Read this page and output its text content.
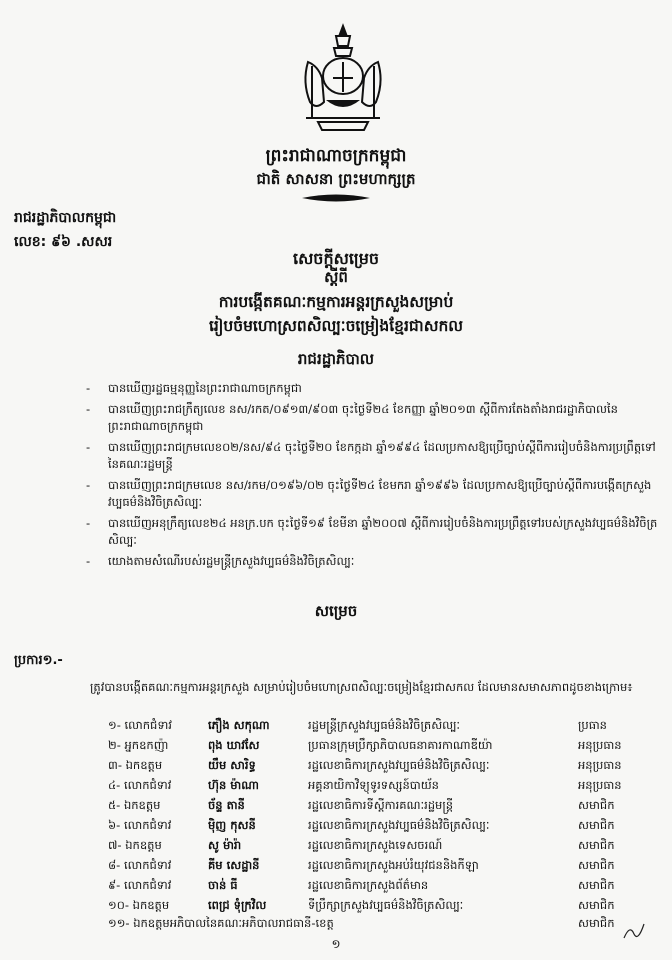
ព្រះរាជាណាចក្រកម្ពុជា
ជាតិ សាសនា ព្រះមហាក្សត្រ
រាជរដ្ឋាភិបាលកម្ពុជា
លេខ: ៩៦ .សសរ
សេចក្ដីសម្រេច
ស្ដីពី
ការបង្កើតគណៈកម្មការអន្តរក្រសួងសម្រាប់
រៀបចំមហោស្រពសិល្បៈចម្រៀងខ្មែរជាសកល
រាជរដ្ឋាភិបាល
- បានឃើញរដ្ឋធម្មនុញ្ញនៃព្រះរាជាណាចក្រកម្ពុជា
- បានឃើញព្រះរាជក្រឹត្យលេខ នស/រកត/០៩១៣/៩០៣ ចុះថ្ងៃទី២៤ ខែកញ្ញា ឆ្នាំ២០១៣ ស្ដីពីការតែងតាំងរាជរដ្ឋាភិបាលនៃព្រះរាជាណាចក្រកម្ពុជា
- បានឃើញព្រះរាជក្រមលេខ០២/នស/៩៤ ចុះថ្ងៃទី២០ ខែកក្កដា ឆ្នាំ១៩៩៤ ដែលប្រកាសឱ្យប្រើច្បាប់ស្ដីពីការរៀបចំនិងការប្រព្រឹត្តទៅនៃគណៈរដ្ឋមន្ត្រី
- បានឃើញព្រះរាជក្រមលេខ នស/រកម/០១៩៦/០២ ចុះថ្ងៃទី២៤ ខែមករា ឆ្នាំ១៩៩៦ ដែលប្រកាសឱ្យប្រើច្បាប់ស្ដីពីការបង្កើតក្រសួងវប្បធម៌និងវិចិត្រសិល្បៈ
- បានឃើញអនុក្រឹត្យលេខ២៤ អនក្រ.បក ចុះថ្ងៃទី១៩ ខែមីនា ឆ្នាំ២០០៧ ស្ដីពីការរៀបចំនិងការប្រព្រឹត្តទៅរបស់ក្រសួងវប្បធម៌និងវិចិត្រសិល្បៈ
- យោងតាមសំណើរបស់រដ្ឋមន្ត្រីក្រសួងវប្បធម៌និងវិចិត្រសិល្បៈ
សម្រេច
ប្រការ១.-
ត្រូវបានបង្កើតគណៈកម្មការអន្តរក្រសួង សម្រាប់រៀបចំមហោស្រពសិល្បៈចម្រៀងខ្មែរជាសកល ដែលមានសមាសភាពដូចខាងក្រោម៖
១- លោកជំទាវ	ភឿង សកុណា	រដ្ឋមន្ត្រីក្រសួងវប្បធម៌និងវិចិត្រសិល្បៈ	ប្រធាន
២- អ្នកឧកញ៉ា	ពុង ឃាវសែ	ប្រធានក្រុមប្រឹក្សាភិបាលធនាគារកាណាឌីយ៉ា	អនុប្រធាន
៣- ឯកឧត្តម	យឹម សារិទ្ធ	រដ្ឋលេខាធិការក្រសួងវប្បធម៌និងវិចិត្រសិល្បៈ	អនុប្រធាន
៤- លោកជំទាវ	ហ៊ុន ម៉ាណា	អគ្គនាយិកាវិទ្យុទូរទស្សន៍បាយ័ន	អនុប្រធាន
៥- ឯកឧត្តម	ច័ន្ទ តានី	រដ្ឋលេខាធិការទីស្ដីការគណៈរដ្ឋមន្ត្រី	សមាជិក
៦- លោកជំទាវ	ម៉ិញ កុសនី	រដ្ឋលេខាធិការក្រសួងវប្បធម៌និងវិចិត្រសិល្បៈ	សមាជិក
៧- ឯកឧត្តម	សូ ម៉ារ៉ា	រដ្ឋលេខាធិការក្រសួងទេសចរណ៍	សមាជិក
៨- លោកជំទាវ	គីម សេដ្ឋានី	រដ្ឋលេខាធិការក្រសួងអប់រំយុវជននិងកីឡា	សមាជិក
៩- លោកជំទាវ	ចាន់ ធី	រដ្ឋលេខាធិការក្រសួងព័ត៌មាន	សមាជិក
១០- ឯកឧត្តម	ពេជ្រ ទុំក្រវិល	ទីប្រឹក្សាក្រសួងវប្បធម៌និងវិចិត្រសិល្បៈ	សមាជិក
១១- ឯកឧត្តមអភិបាលនៃគណៈអភិបាលរាជធានី-ខេត្ត	សមាជិក
១
